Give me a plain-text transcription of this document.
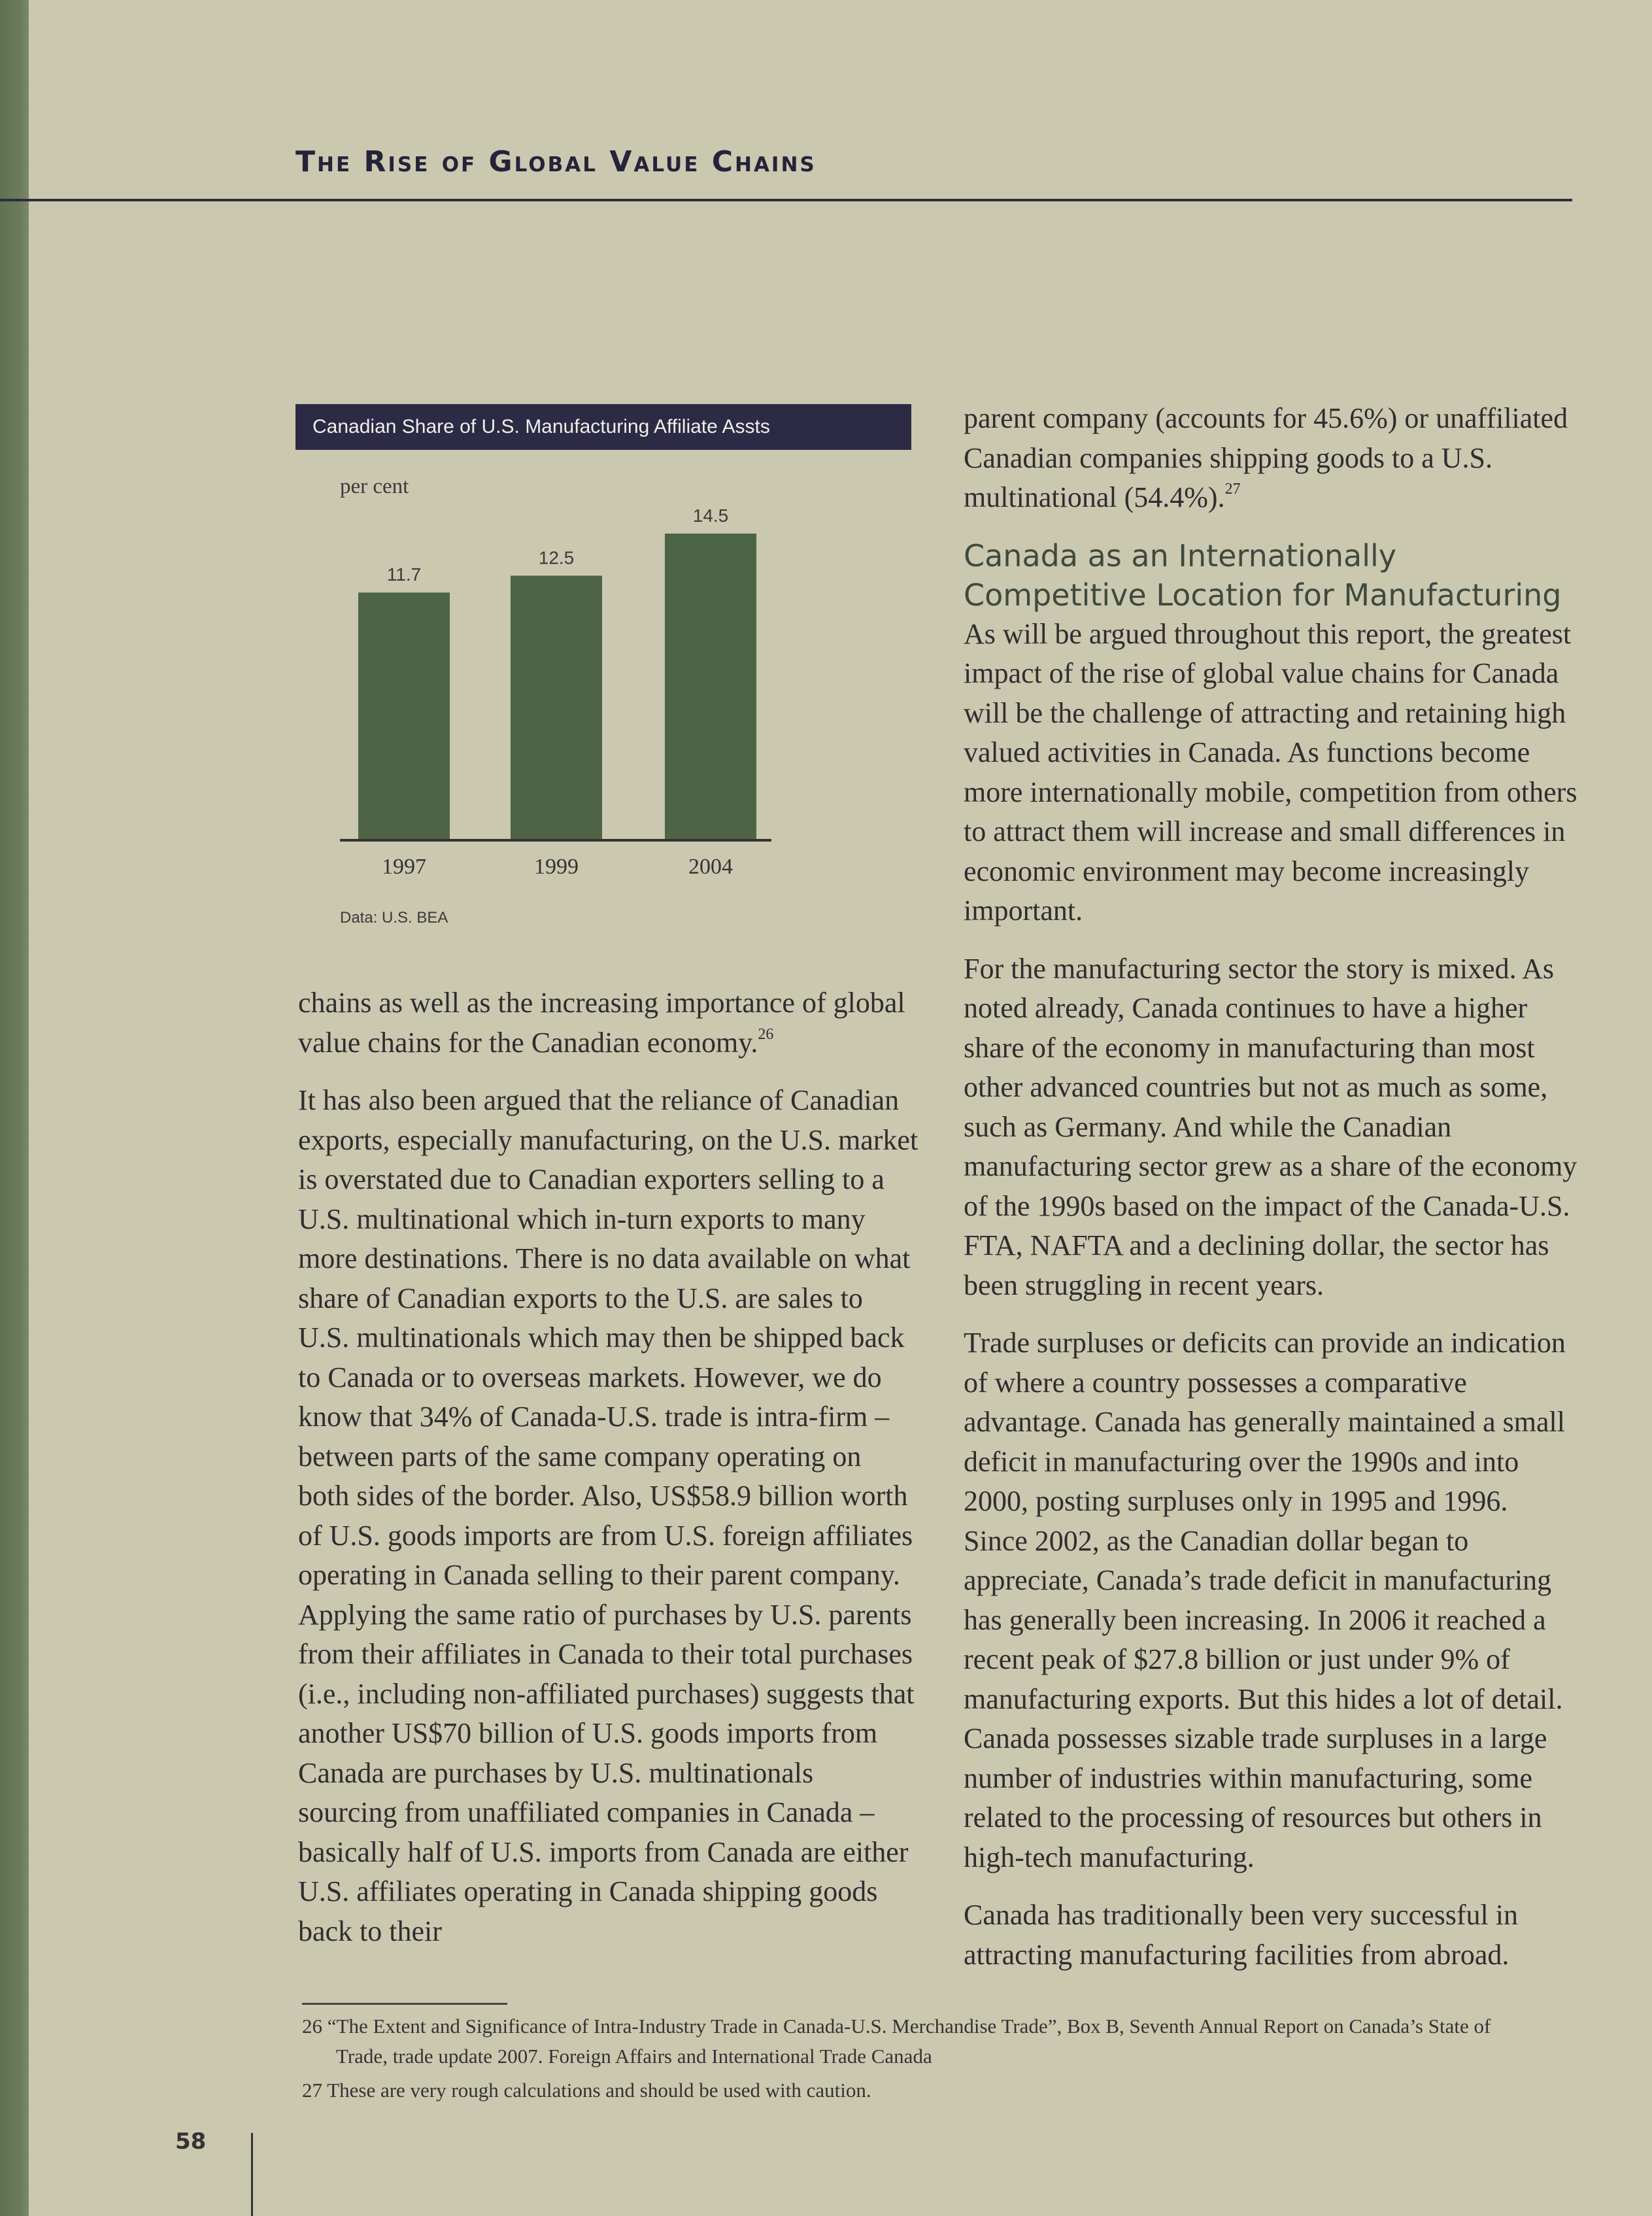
The Rise of Global Value Chains
Canadian Share of U.S. Manufacturing Affiliate Assts
per cent
11.7
1997
12.5
1999
14.5
2004
Data: U.S. BEA

chains as well as the increasing importance of global value chains for the Canadian economy.$^{26}$

It has also been argued that the reliance of Canadian exports, especially manufacturing, on the U.S. market is overstated due to Canadian exporters selling to a U.S. multinational which in-turn exports to many more destinations. There is no data available on what share of Canadian exports to the U.S. are sales to U.S. multinationals which may then be shipped back to Canada or to overseas markets. However, we do know that 34% of Canada-U.S. trade is intra-firm – between parts of the same company operating on both sides of the border. Also, US$58.9 billion worth of U.S. goods imports are from U.S. foreign affiliates operating in Canada selling to their parent company. Applying the same ratio of purchases by U.S. parents from their affiliates in Canada to their total purchases (i.e., including non-affiliated purchases) suggests that another US$70 billion of U.S. goods imports from Canada are purchases by U.S. multinationals sourcing from unaffiliated companies in Canada – basically half of U.S. imports from Canada are either U.S. affiliates operating in Canada shipping goods back to their

parent company (accounts for 45.6%) or unaffiliated Canadian companies shipping goods to a U.S. multinational (54.4%).$^{27}$

Canada as an Internationally Competitive Location for Manufacturing

As will be argued throughout this report, the greatest impact of the rise of global value chains for Canada will be the challenge of attracting and retaining high valued activities in Canada. As functions become more internationally mobile, competition from others to attract them will increase and small differences in economic environment may become increasingly important.

For the manufacturing sector the story is mixed. As noted already, Canada continues to have a higher share of the economy in manufacturing than most other advanced countries but not as much as some, such as Germany. And while the Canadian manufacturing sector grew as a share of the economy of the 1990s based on the impact of the Canada-U.S. FTA, NAFTA and a declining dollar, the sector has been struggling in recent years.

Trade surpluses or deficits can provide an indication of where a country possesses a comparative advantage. Canada has generally maintained a small deficit in manufacturing over the 1990s and into 2000, posting surpluses only in 1995 and 1996. Since 2002, as the Canadian dollar began to appreciate, Canada’s trade deficit in manufacturing has generally been increasing. In 2006 it reached a recent peak of $27.8 billion or just under 9% of manufacturing exports. But this hides a lot of detail. Canada possesses sizable trade surpluses in a large number of industries within manufacturing, some related to the processing of resources but others in high-tech manufacturing.

Canada has traditionally been very successful in attracting manufacturing facilities from abroad.

26 “The Extent and Significance of Intra-Industry Trade in Canada-U.S. Merchandise Trade”, Box B, Seventh Annual Report on Canada’s State of Trade, trade update 2007. Foreign Affairs and International Trade Canada
27 These are very rough calculations and should be used with caution.
58
